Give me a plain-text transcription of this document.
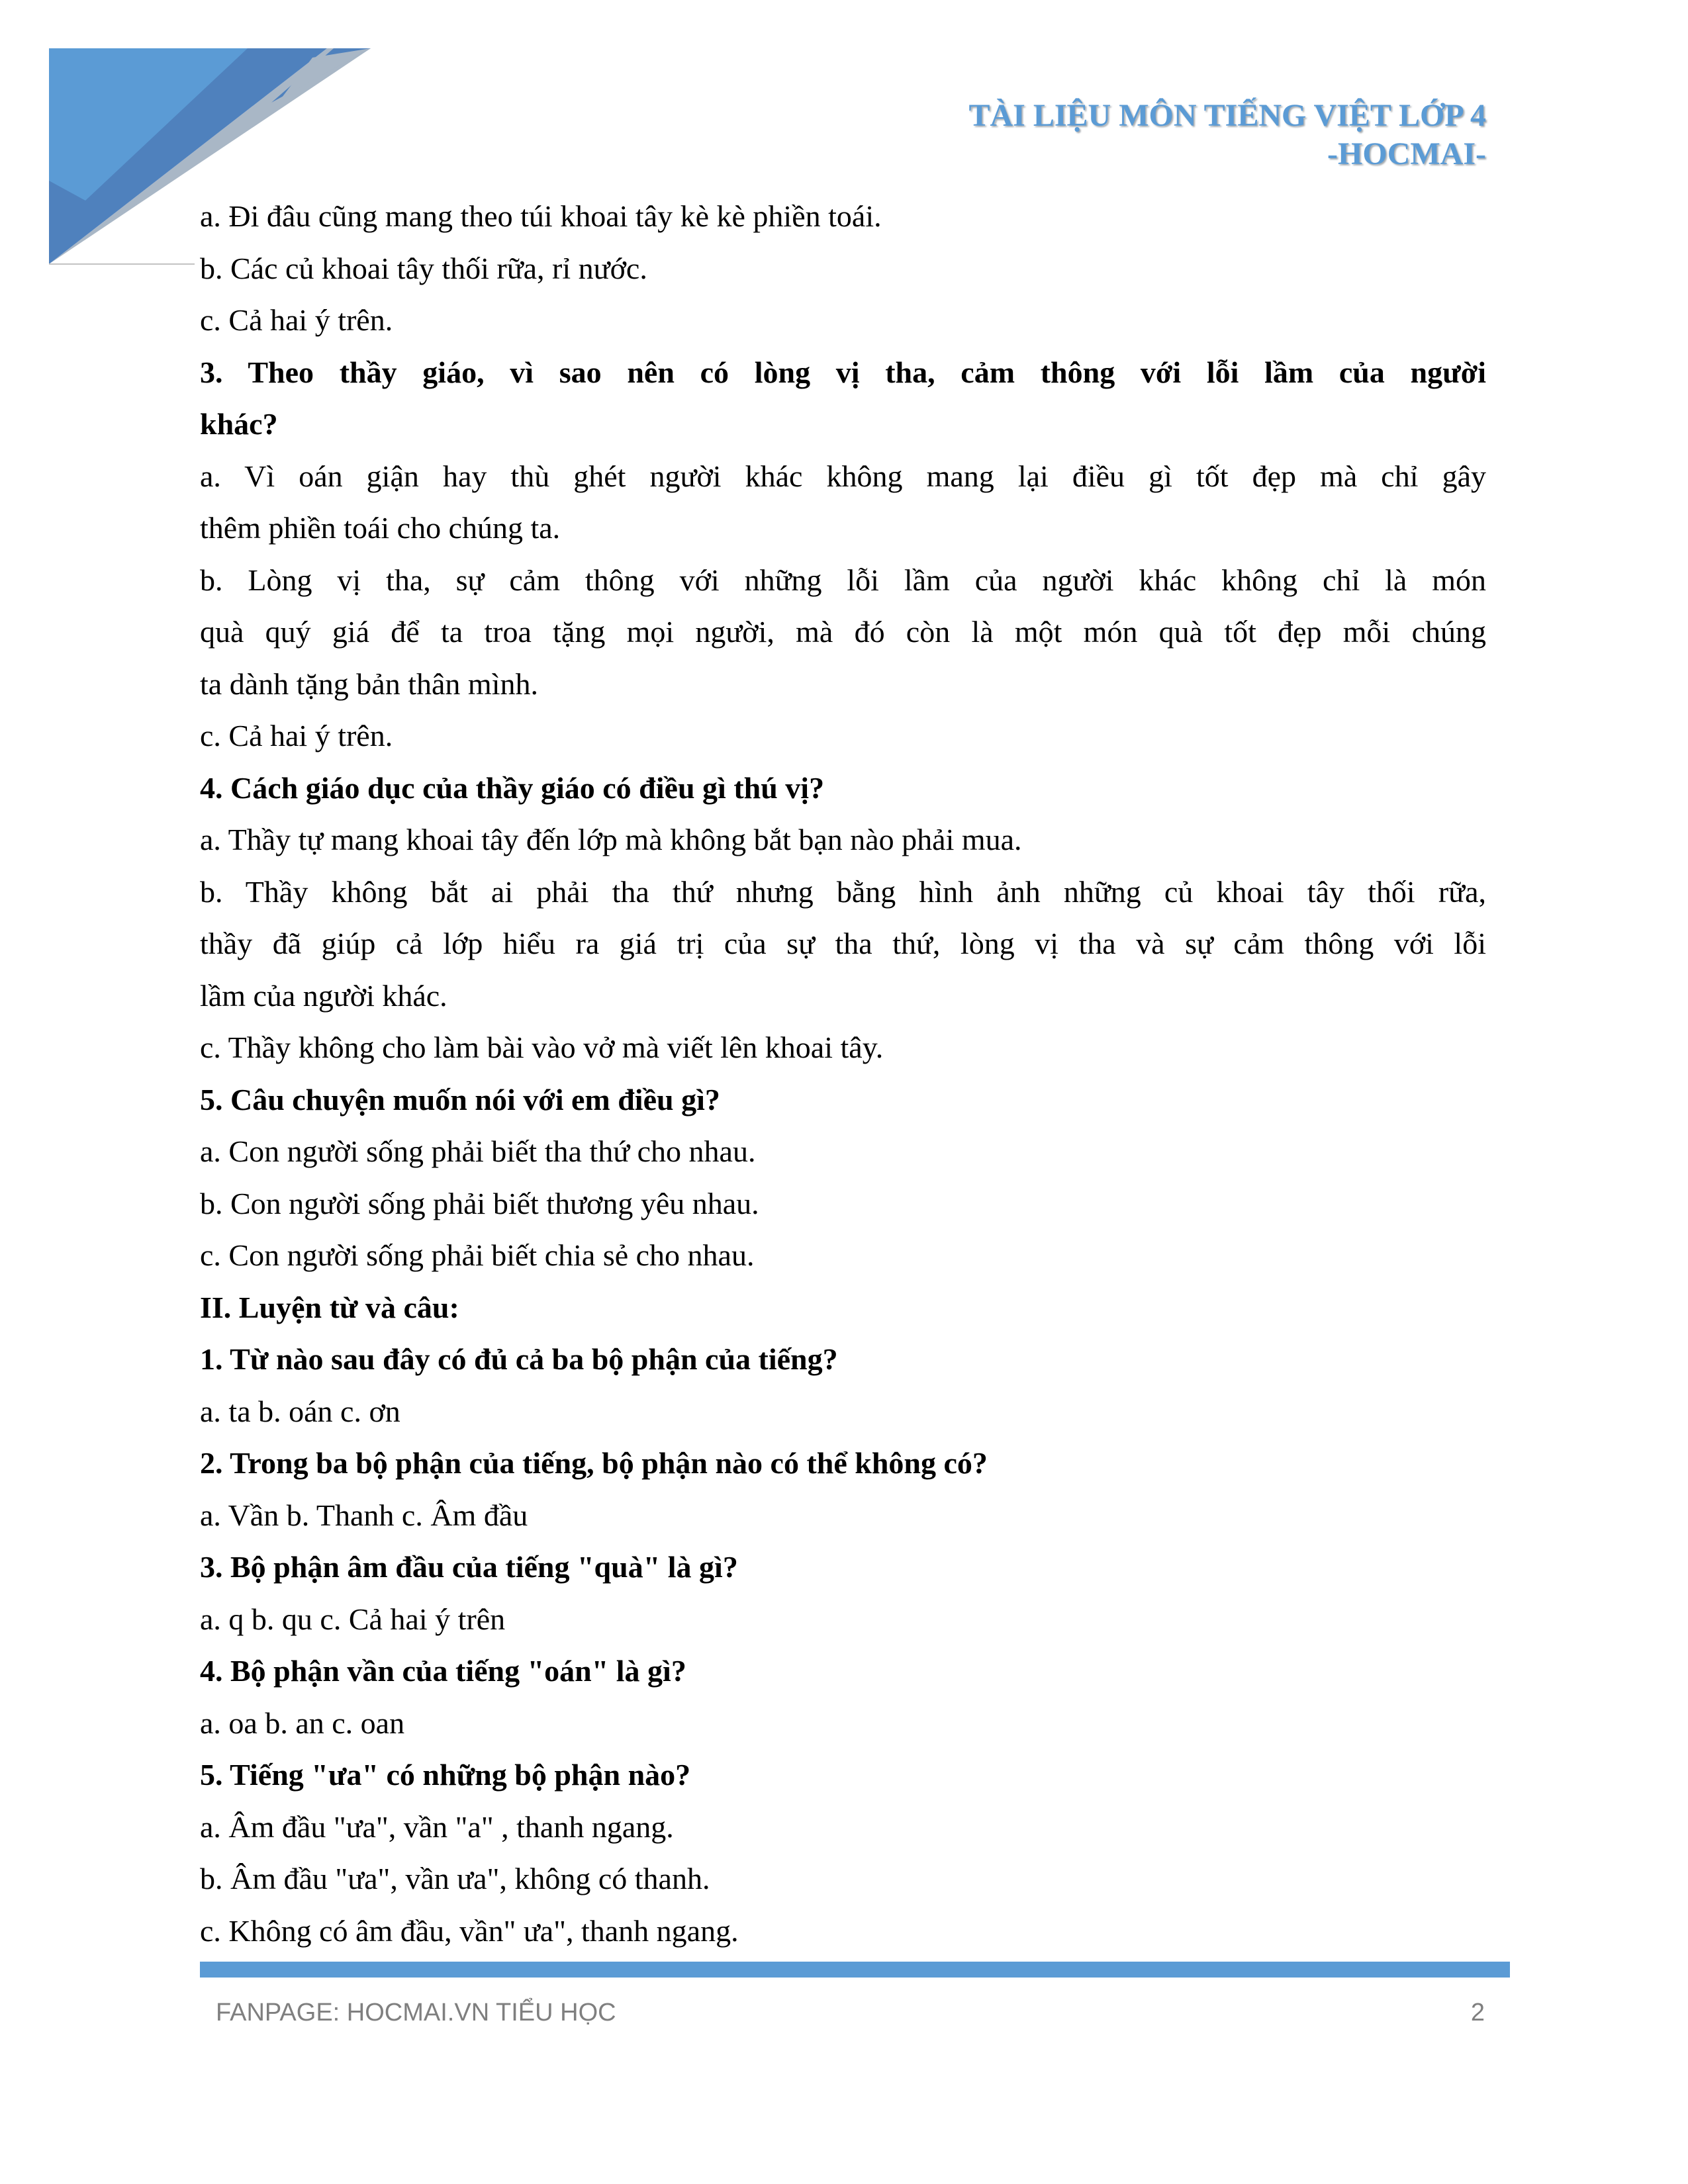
TÀI LIỆU MÔN TIẾNG VIỆT LỚP 4
-HOCMAI-
a. Đi đâu cũng mang theo túi khoai tây kè kè phiền toái.
b. Các củ khoai tây thối rữa, rỉ nước.
c. Cả hai ý trên.
3. Theo thầy giáo, vì sao nên có lòng vị tha, cảm thông với lỗi lầm của người
khác?
a. Vì oán giận hay thù ghét người khác không mang lại điều gì tốt đẹp mà chỉ gây
thêm phiền toái cho chúng ta.
b. Lòng vị tha, sự cảm thông với những lỗi lầm của người khác không chỉ là món
quà quý giá để ta troa tặng mọi người, mà đó còn là một món quà tốt đẹp mỗi chúng
ta dành tặng bản thân mình.
c. Cả hai ý trên.
4. Cách giáo dục của thầy giáo có điều gì thú vị?
a. Thầy tự mang khoai tây đến lớp mà không bắt bạn nào phải mua.
b. Thầy không bắt ai phải tha thứ nhưng bằng hình ảnh những củ khoai tây thối rữa,
thầy đã giúp cả lớp hiểu ra giá trị của sự tha thứ, lòng vị tha và sự cảm thông với lỗi
lầm của người khác.
c. Thầy không cho làm bài vào vở mà viết lên khoai tây.
5. Câu chuyện muốn nói với em điều gì?
a. Con người sống phải biết tha thứ cho nhau.
b. Con người sống phải biết thương yêu nhau.
c. Con người sống phải biết chia sẻ cho nhau.
II. Luyện từ và câu:
1. Từ nào sau đây có đủ cả ba bộ phận của tiếng?
a. ta b. oán c. ơn
2. Trong ba bộ phận của tiếng, bộ phận nào có thể không có?
a. Vần b. Thanh c. Âm đầu
3. Bộ phận âm đầu của tiếng "quà" là gì?
a. q b. qu c. Cả hai ý trên
4. Bộ phận vần của tiếng "oán" là gì?
a. oa b. an c. oan
5. Tiếng "ưa" có những bộ phận nào?
a. Âm đầu "ưa", vần "a" , thanh ngang.
b. Âm đầu "ưa", vần ưa", không có thanh.
c. Không có âm đầu, vần" ưa", thanh ngang.
FANPAGE: HOCMAI.VN TIỂU HỌC	2
